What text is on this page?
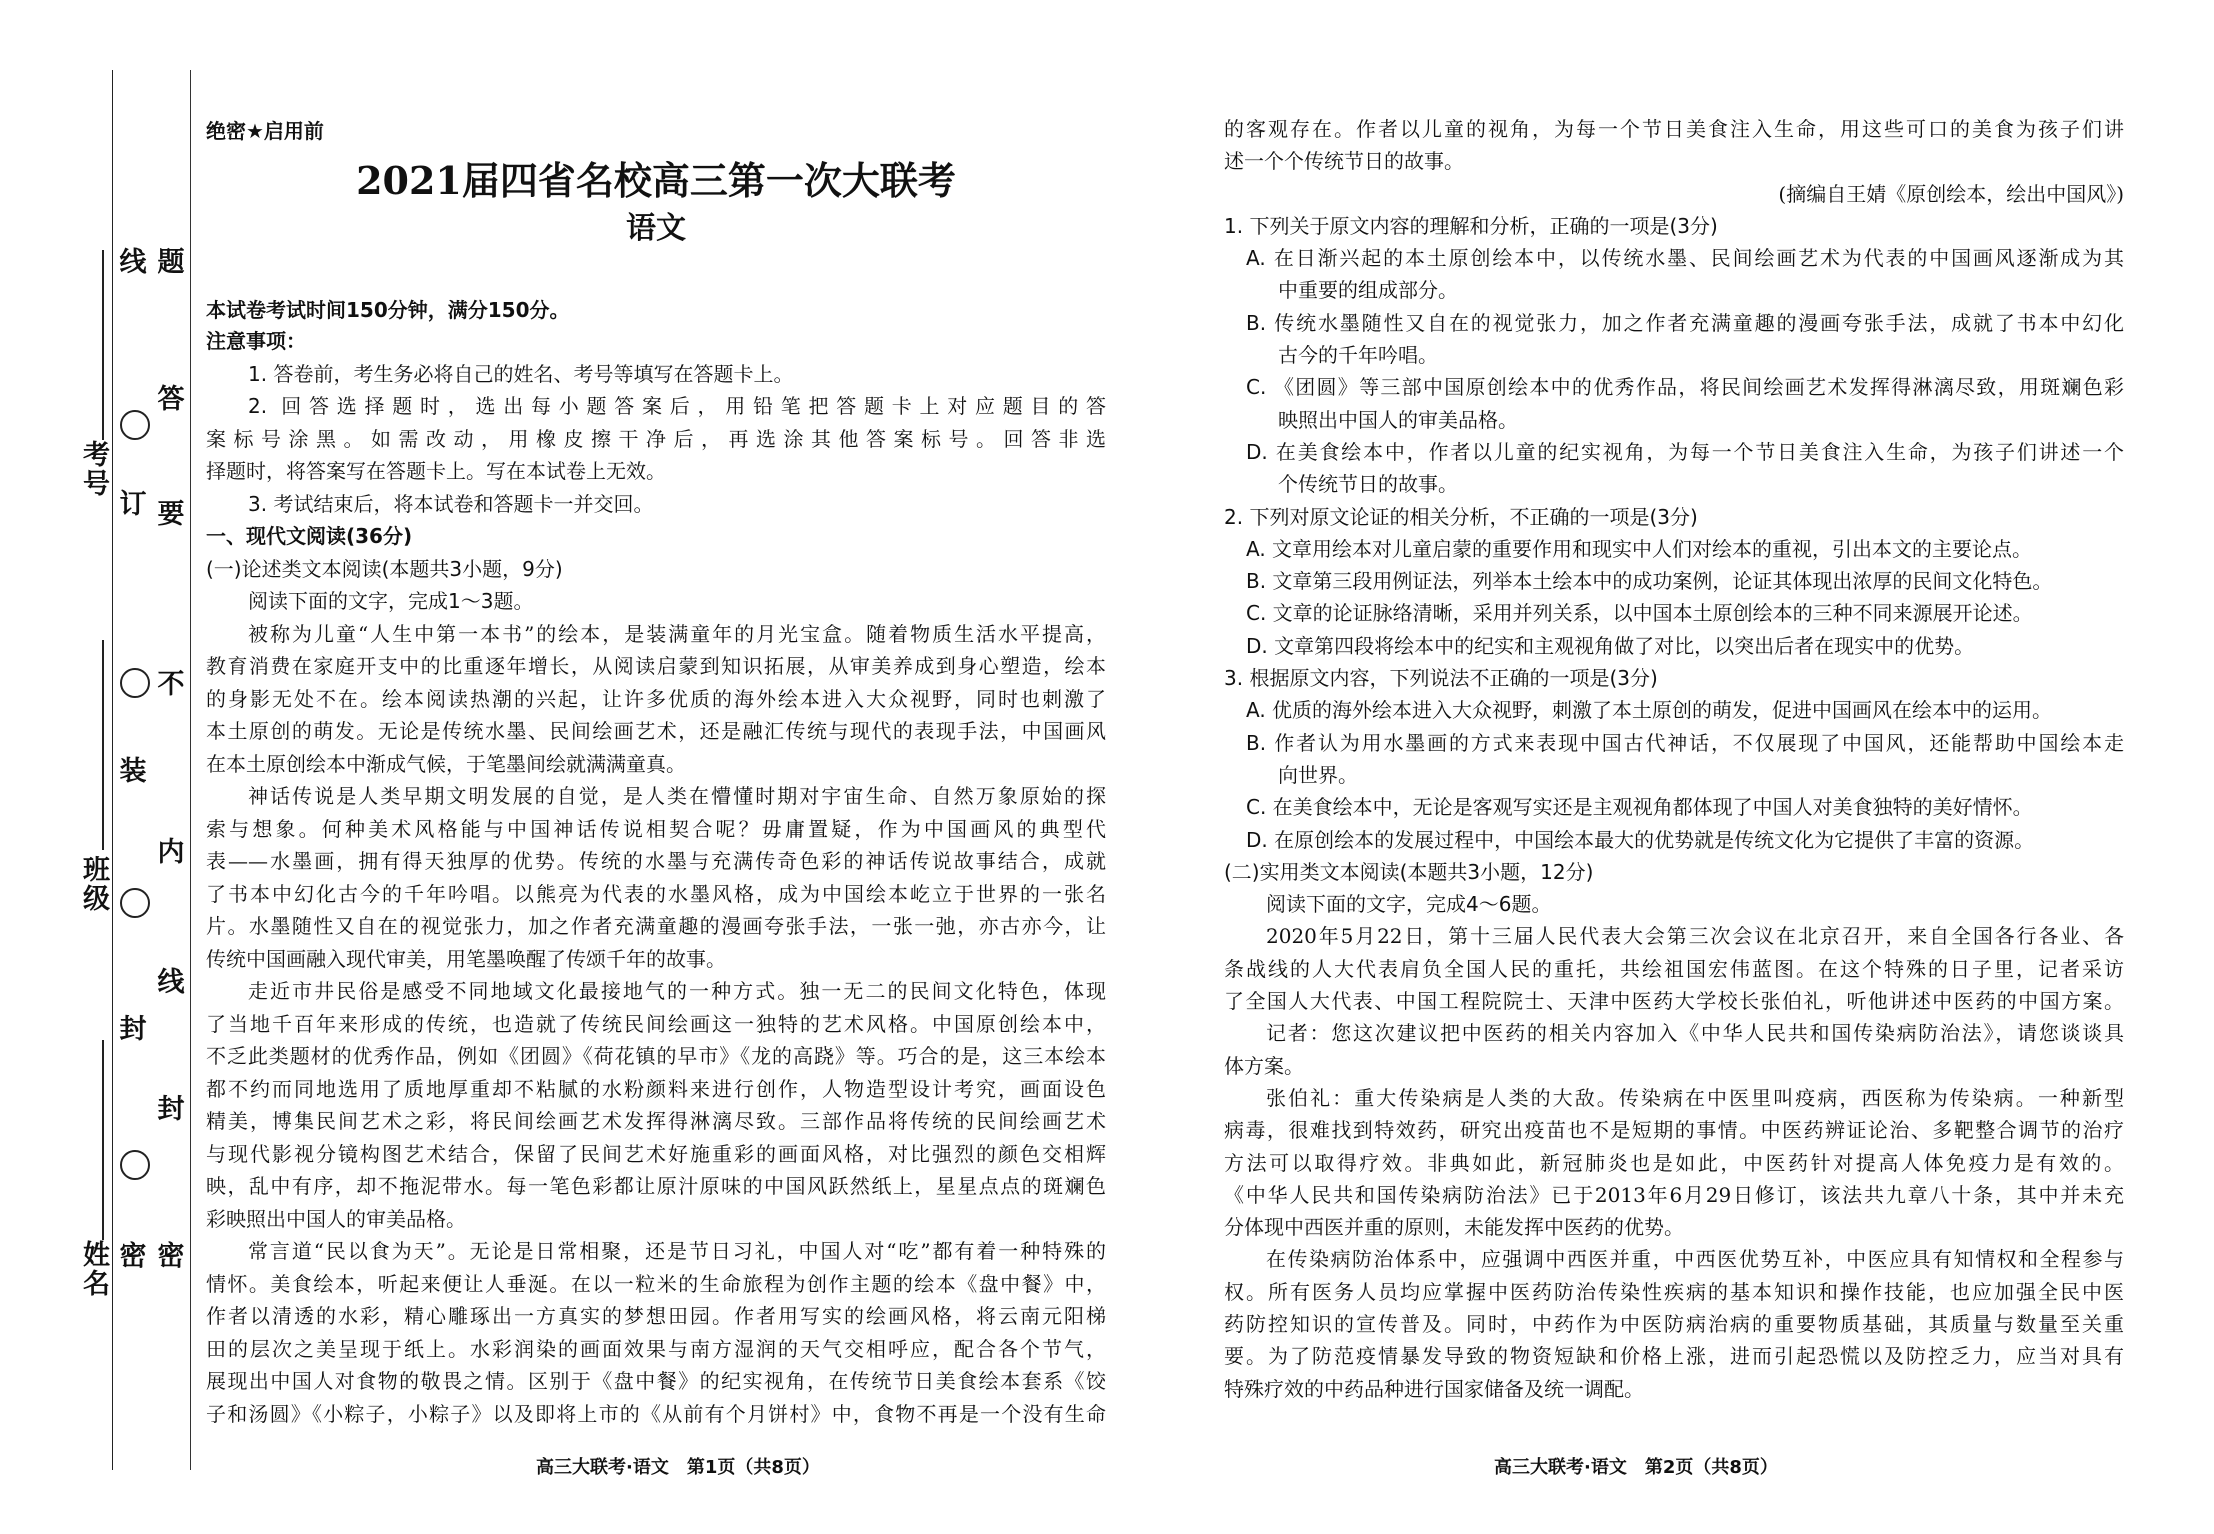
考号
班级
姓名
线
订
装
封
密
题
答
要
不
内
线
封
密
绝密★启用前
2021届四省名校高三第一次大联考
语文
本试卷考试时间150分钟，满分150分。
注意事项：
1. 答卷前，考生务必将自己的姓名、考号等填写在答题卡上。
2. 回答选择题时，选出每小题答案后，用铅笔把答题卡上对应题目的答
案标号涂黑。如需改动，用橡皮擦干净后，再选涂其他答案标号。回答非选
择题时，将答案写在答题卡上。写在本试卷上无效。
3. 考试结束后，将本试卷和答题卡一并交回。
一、现代文阅读(36分)
(一)论述类文本阅读(本题共3小题，9分)
阅读下面的文字，完成1～3题。
被称为儿童“人生中第一本书”的绘本，是装满童年的月光宝盒。随着物质生活水平提高，
教育消费在家庭开支中的比重逐年增长，从阅读启蒙到知识拓展，从审美养成到身心塑造，绘本
的身影无处不在。绘本阅读热潮的兴起，让许多优质的海外绘本进入大众视野，同时也刺激了
本土原创的萌发。无论是传统水墨、民间绘画艺术，还是融汇传统与现代的表现手法，中国画风
在本土原创绘本中渐成气候，于笔墨间绘就满满童真。
神话传说是人类早期文明发展的自觉，是人类在懵懂时期对宇宙生命、自然万象原始的探
索与想象。何种美术风格能与中国神话传说相契合呢？毋庸置疑，作为中国画风的典型代
表——水墨画，拥有得天独厚的优势。传统的水墨与充满传奇色彩的神话传说故事结合，成就
了书本中幻化古今的千年吟唱。以熊亮为代表的水墨风格，成为中国绘本屹立于世界的一张名
片。水墨随性又自在的视觉张力，加之作者充满童趣的漫画夸张手法，一张一弛，亦古亦今，让
传统中国画融入现代审美，用笔墨唤醒了传颂千年的故事。
走近市井民俗是感受不同地域文化最接地气的一种方式。独一无二的民间文化特色，体现
了当地千百年来形成的传统，也造就了传统民间绘画这一独特的艺术风格。中国原创绘本中，
不乏此类题材的优秀作品，例如《团圆》《荷花镇的早市》《龙的高跷》等。巧合的是，这三本绘本
都不约而同地选用了质地厚重却不粘腻的水粉颜料来进行创作，人物造型设计考究，画面设色
精美，博集民间艺术之彩，将民间绘画艺术发挥得淋漓尽致。三部作品将传统的民间绘画艺术
与现代影视分镜构图艺术结合，保留了民间艺术好施重彩的画面风格，对比强烈的颜色交相辉
映，乱中有序，却不拖泥带水。每一笔色彩都让原汁原味的中国风跃然纸上，星星点点的斑斓色
彩映照出中国人的审美品格。
常言道“民以食为天”。无论是日常相聚，还是节日习礼，中国人对“吃”都有着一种特殊的
情怀。美食绘本，听起来便让人垂涎。在以一粒米的生命旅程为创作主题的绘本《盘中餐》中，
作者以清透的水彩，精心雕琢出一方真实的梦想田园。作者用写实的绘画风格，将云南元阳梯
田的层次之美呈现于纸上。水彩润染的画面效果与南方湿润的天气交相呼应，配合各个节气，
展现出中国人对食物的敬畏之情。区别于《盘中餐》的纪实视角，在传统节日美食绘本套系《饺
子和汤圆》《小粽子，小粽子》以及即将上市的《从前有个月饼村》中，食物不再是一个没有生命
高三大联考·语文　第1页（共8页）
的客观存在。作者以儿童的视角，为每一个节日美食注入生命，用这些可口的美食为孩子们讲
述一个个传统节日的故事。
(摘编自王婧《原创绘本，绘出中国风》)
1. 下列关于原文内容的理解和分析，正确的一项是(3分)
A. 在日渐兴起的本土原创绘本中，以传统水墨、民间绘画艺术为代表的中国画风逐渐成为其
中重要的组成部分。
B. 传统水墨随性又自在的视觉张力，加之作者充满童趣的漫画夸张手法，成就了书本中幻化
古今的千年吟唱。
C. 《团圆》等三部中国原创绘本中的优秀作品，将民间绘画艺术发挥得淋漓尽致，用斑斓色彩
映照出中国人的审美品格。
D. 在美食绘本中，作者以儿童的纪实视角，为每一个节日美食注入生命，为孩子们讲述一个
个传统节日的故事。
2. 下列对原文论证的相关分析，不正确的一项是(3分)
A. 文章用绘本对儿童启蒙的重要作用和现实中人们对绘本的重视，引出本文的主要论点。
B. 文章第三段用例证法，列举本土绘本中的成功案例，论证其体现出浓厚的民间文化特色。
C. 文章的论证脉络清晰，采用并列关系，以中国本土原创绘本的三种不同来源展开论述。
D. 文章第四段将绘本中的纪实和主观视角做了对比，以突出后者在现实中的优势。
3. 根据原文内容，下列说法不正确的一项是(3分)
A. 优质的海外绘本进入大众视野，刺激了本土原创的萌发，促进中国画风在绘本中的运用。
B. 作者认为用水墨画的方式来表现中国古代神话，不仅展现了中国风，还能帮助中国绘本走
向世界。
C. 在美食绘本中，无论是客观写实还是主观视角都体现了中国人对美食独特的美好情怀。
D. 在原创绘本的发展过程中，中国绘本最大的优势就是传统文化为它提供了丰富的资源。
(二)实用类文本阅读(本题共3小题，12分)
阅读下面的文字，完成4～6题。
2020年5月22日，第十三届人民代表大会第三次会议在北京召开，来自全国各行各业、各
条战线的人大代表肩负全国人民的重托，共绘祖国宏伟蓝图。在这个特殊的日子里，记者采访
了全国人大代表、中国工程院院士、天津中医药大学校长张伯礼，听他讲述中医药的中国方案。
记者：您这次建议把中医药的相关内容加入《中华人民共和国传染病防治法》，请您谈谈具
体方案。
张伯礼：重大传染病是人类的大敌。传染病在中医里叫疫病，西医称为传染病。一种新型
病毒，很难找到特效药，研究出疫苗也不是短期的事情。中医药辨证论治、多靶整合调节的治疗
方法可以取得疗效。非典如此，新冠肺炎也是如此，中医药针对提高人体免疫力是有效的。
《中华人民共和国传染病防治法》已于2013年6月29日修订，该法共九章八十条，其中并未充
分体现中西医并重的原则，未能发挥中医药的优势。
在传染病防治体系中，应强调中西医并重，中西医优势互补，中医应具有知情权和全程参与
权。所有医务人员均应掌握中医药防治传染性疾病的基本知识和操作技能，也应加强全民中医
药防控知识的宣传普及。同时，中药作为中医防病治病的重要物质基础，其质量与数量至关重
要。为了防范疫情暴发导致的物资短缺和价格上涨，进而引起恐慌以及防控乏力，应当对具有
特殊疗效的中药品种进行国家储备及统一调配。
高三大联考·语文　第2页（共8页）
